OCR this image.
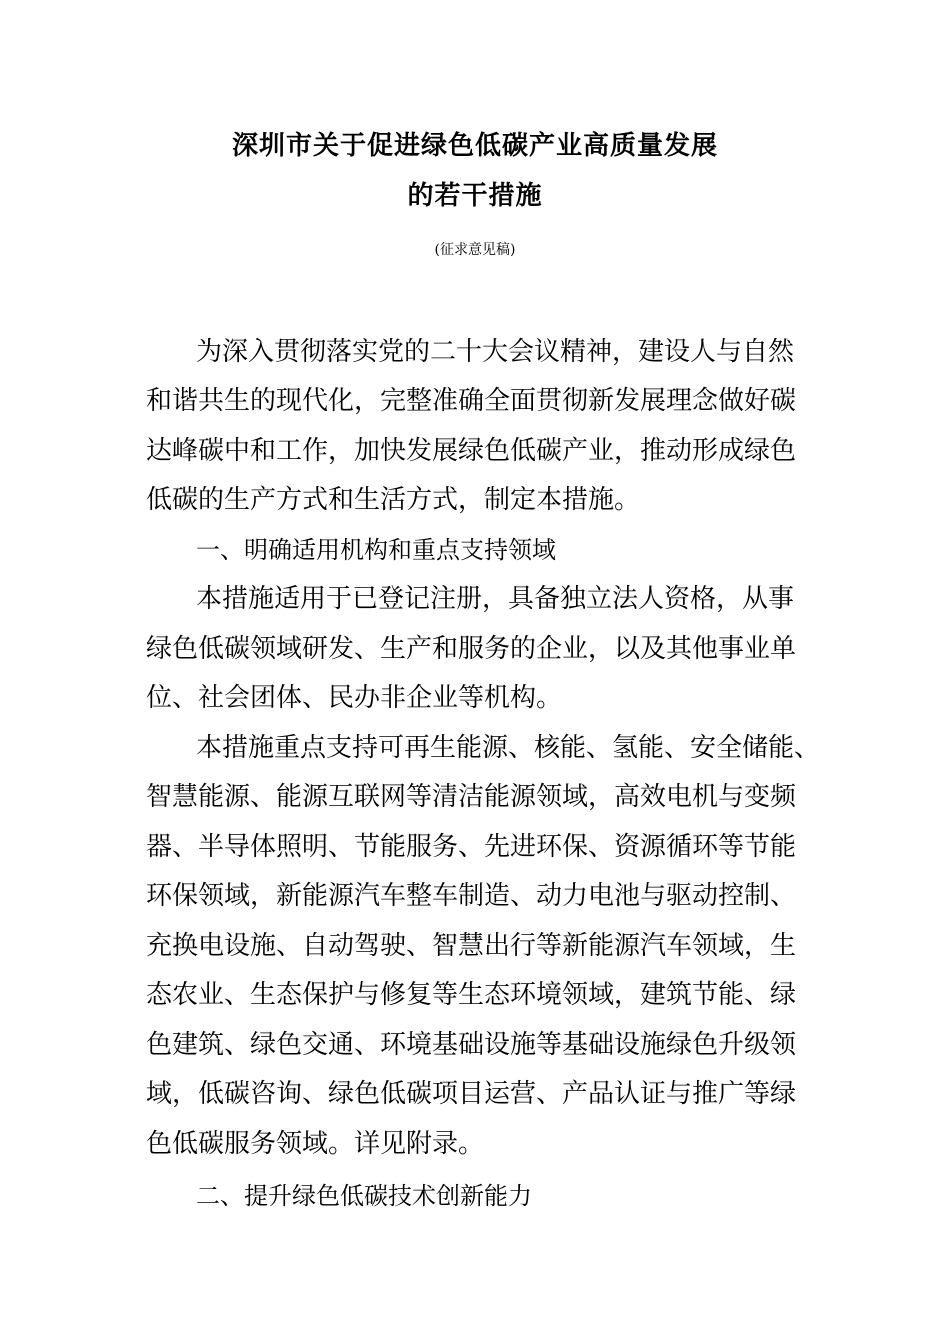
深圳市关于促进绿色低碳产业高质量发展
的若干措施
(征求意见稿)
为深入贯彻落实党的二十大会议精神，建设人与自然
和谐共生的现代化，完整准确全面贯彻新发展理念做好碳
达峰碳中和工作，加快发展绿色低碳产业，推动形成绿色
低碳的生产方式和生活方式，制定本措施。
一、明确适用机构和重点支持领域
本措施适用于已登记注册，具备独立法人资格，从事
绿色低碳领域研发、生产和服务的企业，以及其他事业单
位、社会团体、民办非企业等机构。
本措施重点支持可再生能源、核能、氢能、安全储能、
智慧能源、能源互联网等清洁能源领域，高效电机与变频
器、半导体照明、节能服务、先进环保、资源循环等节能
环保领域，新能源汽车整车制造、动力电池与驱动控制、
充换电设施、自动驾驶、智慧出行等新能源汽车领域，生
态农业、生态保护与修复等生态环境领域，建筑节能、绿
色建筑、绿色交通、环境基础设施等基础设施绿色升级领
域，低碳咨询、绿色低碳项目运营、产品认证与推广等绿
色低碳服务领域。详见附录。
二、提升绿色低碳技术创新能力
